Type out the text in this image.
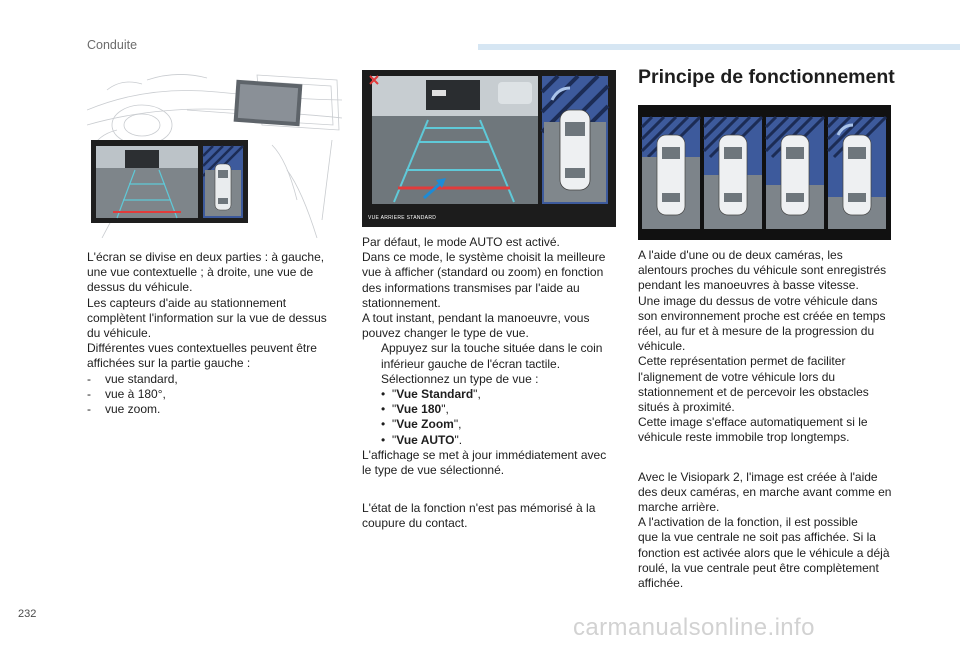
Conduite
VUE ARRIERE STANDARD

L'écran se divise en deux parties : à gauche,

une vue contextuelle ; à droite, une vue de

dessus du véhicule.

Les capteurs d'aide au stationnement

complètent l'information sur la vue de dessus

du véhicule.

Différentes vues contextuelles peuvent être

affichées sur la partie gauche :

- vue standard,

- vue à 180°,

- vue zoom.

Par défaut, le mode AUTO est activé.

Dans ce mode, le système choisit la meilleure

vue à afficher (standard ou zoom) en fonction

des informations transmises par l'aide au

stationnement.

A tout instant, pendant la manoeuvre, vous

pouvez changer le type de vue.

Appuyez sur la touche située dans le coin

inférieur gauche de l'écran tactile.

Sélectionnez un type de vue :

• "Vue Standard",

• "Vue 180",

• "Vue Zoom",

• "Vue AUTO".

L'affichage se met à jour immédiatement avec

le type de vue sélectionné.

L'état de la fonction n'est pas mémorisé à la

coupure du contact.

Principe de fonctionnement

A l'aide d'une ou de deux caméras, les

alentours proches du véhicule sont enregistrés

pendant les manoeuvres à basse vitesse.

Une image du dessus de votre véhicule dans

son environnement proche est créée en temps

réel, au fur et à mesure de la progression du

véhicule.

Cette représentation permet de faciliter

l'alignement de votre véhicule lors du

stationnement et de percevoir les obstacles

situés à proximité.

Cette image s'efface automatiquement si le

véhicule reste immobile trop longtemps.

Avec le Visiopark 2, l'image est créée à l'aide

des deux caméras, en marche avant comme en

marche arrière.

A l'activation de la fonction, il est possible

que la vue centrale ne soit pas affichée. Si la

fonction est activée alors que le véhicule a déjà

roulé, la vue centrale peut être complètement

affichée.

232	carmanualsonline.info
